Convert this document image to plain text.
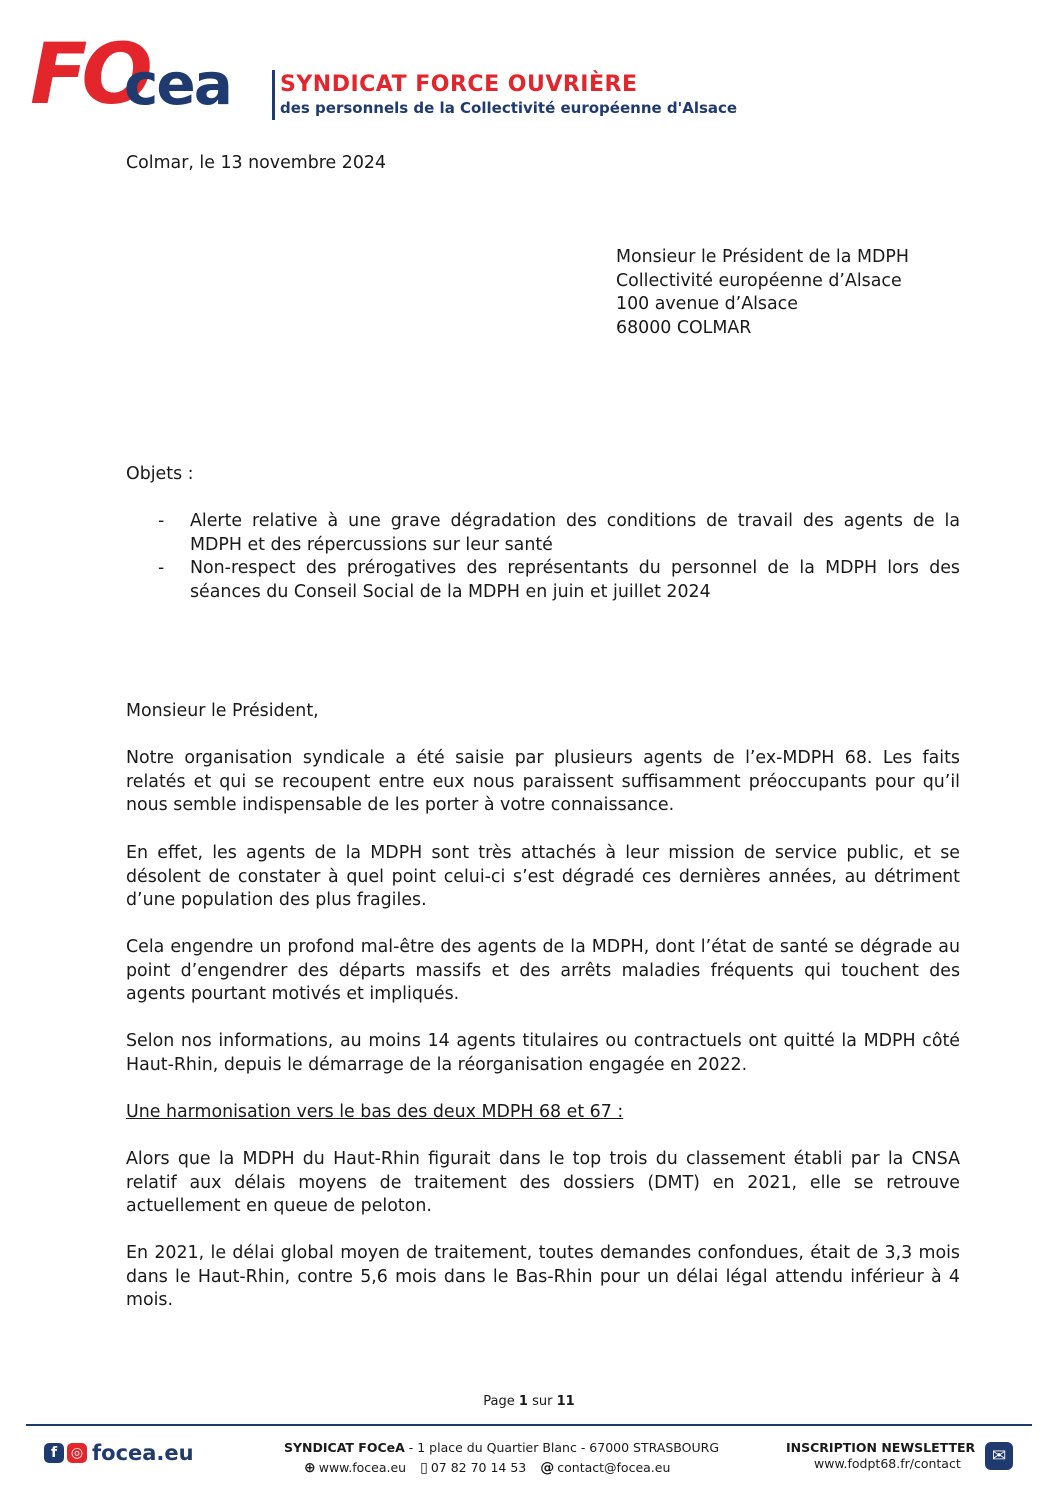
FO
cea SYNDICAT FORCE OUVRIÈRE
des personnels de la Collectivité européenne d'Alsace
Colmar, le 13 novembre 2024
Monsieur le Président de la MDPH
Collectivité européenne d’Alsace
100 avenue d’Alsace
68000 COLMAR
Objets :
- Alerte relative à une grave dégradation des conditions de travail des agents de la MDPH et des répercussions sur leur santé
- Non-respect des prérogatives des représentants du personnel de la MDPH lors des séances du Conseil Social de la MDPH en juin et juillet 2024
Monsieur le Président,
Notre organisation syndicale a été saisie par plusieurs agents de l’ex-MDPH 68. Les faits relatés et qui se recoupent entre eux nous paraissent suffisamment préoccupants pour qu’il nous semble indispensable de les porter à votre connaissance.
En effet, les agents de la MDPH sont très attachés à leur mission de service public, et se désolent de constater à quel point celui-ci s’est dégradé ces dernières années, au détriment d’une population des plus fragiles.
Cela engendre un profond mal-être des agents de la MDPH, dont l’état de santé se dégrade au point d’engendrer des départs massifs et des arrêts maladies fréquents qui touchent des agents pourtant motivés et impliqués.
Selon nos informations, au moins 14 agents titulaires ou contractuels ont quitté la MDPH côté Haut-Rhin, depuis le démarrage de la réorganisation engagée en 2022.
Une harmonisation vers le bas des deux MDPH 68 et 67 :
Alors que la MDPH du Haut-Rhin figurait dans le top trois du classement établi par la CNSA relatif aux délais moyens de traitement des dossiers (DMT) en 2021, elle se retrouve actuellement en queue de peloton.
En 2021, le délai global moyen de traitement, toutes demandes confondues, était de 3,3 mois dans le Haut-Rhin, contre 5,6 mois dans le Bas-Rhin pour un délai légal attendu inférieur à 4 mois.
Page 1 sur 11
f ◎ focea.eu	SYNDICAT FOCeA - 1 place du Quartier Blanc - 67000 STRASBOURG
⊕ www.focea.eu ▯ 07 82 70 14 53 @ contact@focea.eu
INSCRIPTION NEWSLETTER
www.fodpt68.fr/contact	✉
